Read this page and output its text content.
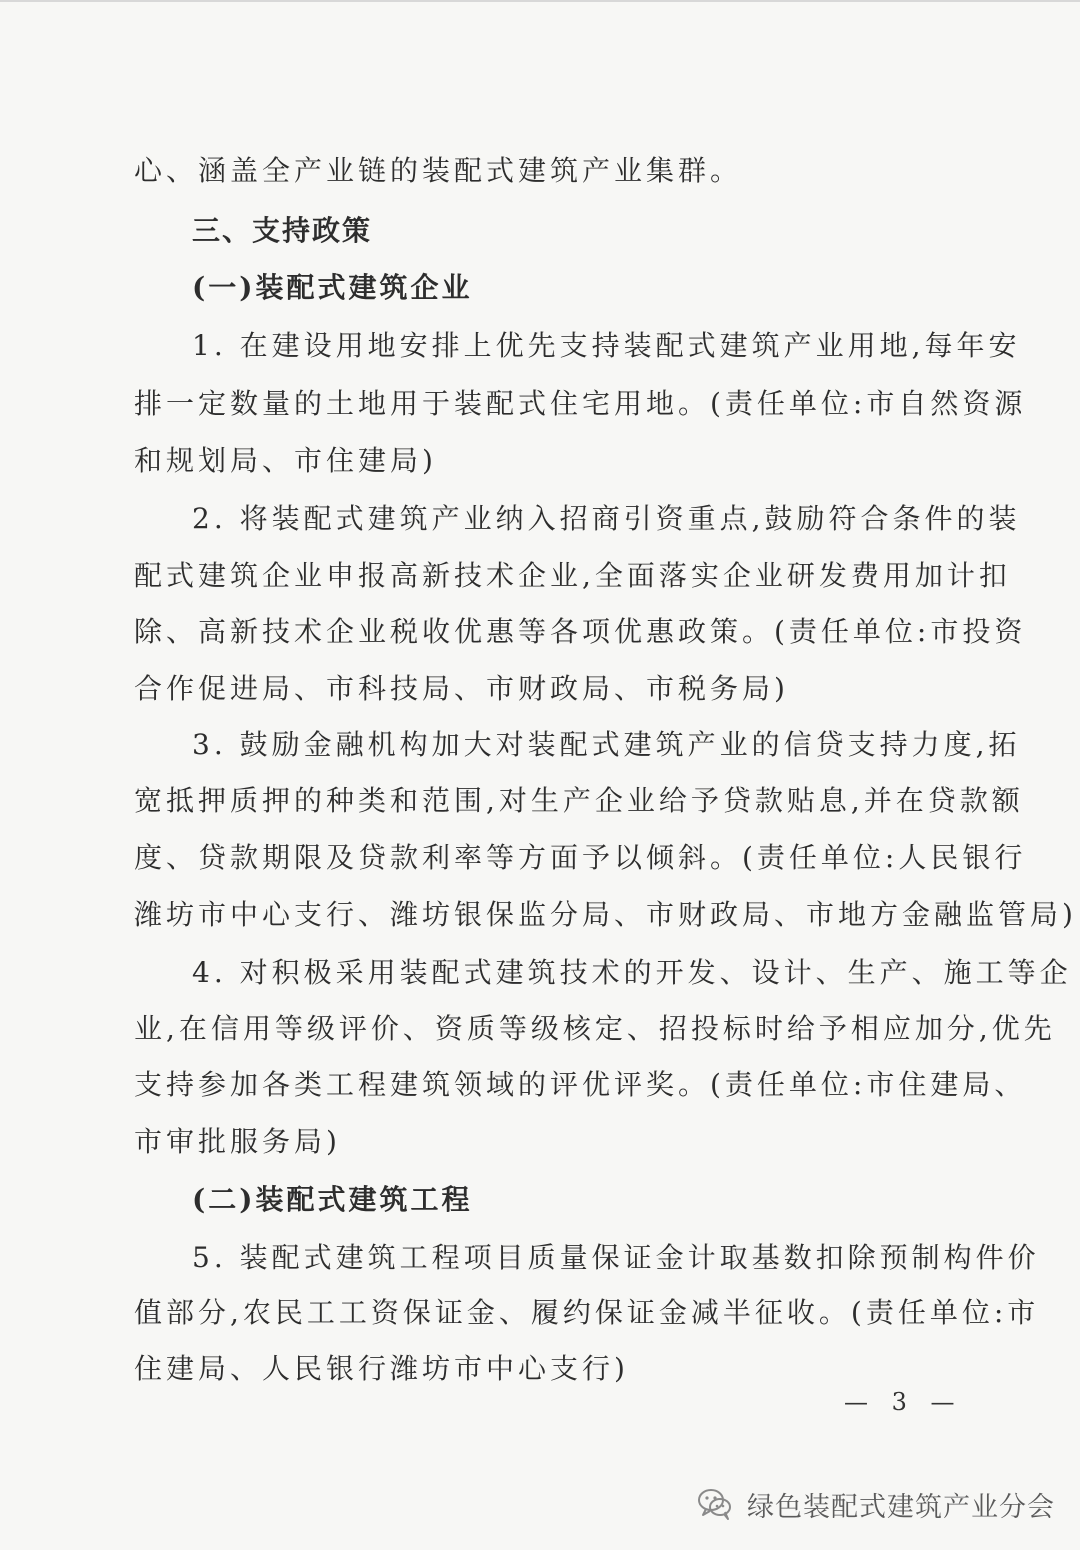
心、涵盖全产业链的装配式建筑产业集群。
三、支持政策
(一)装配式建筑企业
1. 在建设用地安排上优先支持装配式建筑产业用地,每年安
排一定数量的土地用于装配式住宅用地。(责任单位:市自然资源
和规划局、市住建局)
2. 将装配式建筑产业纳入招商引资重点,鼓励符合条件的装
配式建筑企业申报高新技术企业,全面落实企业研发费用加计扣
除、高新技术企业税收优惠等各项优惠政策。(责任单位:市投资
合作促进局、市科技局、市财政局、市税务局)
3. 鼓励金融机构加大对装配式建筑产业的信贷支持力度,拓
宽抵押质押的种类和范围,对生产企业给予贷款贴息,并在贷款额
度、贷款期限及贷款利率等方面予以倾斜。(责任单位:人民银行
潍坊市中心支行、潍坊银保监分局、市财政局、市地方金融监管局)
4. 对积极采用装配式建筑技术的开发、设计、生产、施工等企
业,在信用等级评价、资质等级核定、招投标时给予相应加分,优先
支持参加各类工程建筑领域的评优评奖。(责任单位:市住建局、
市审批服务局)
(二)装配式建筑工程
5. 装配式建筑工程项目质量保证金计取基数扣除预制构件价
值部分,农民工工资保证金、履约保证金减半征收。(责任单位:市
住建局、人民银行潍坊市中心支行)
— 3 —
绿色装配式建筑产业分会
